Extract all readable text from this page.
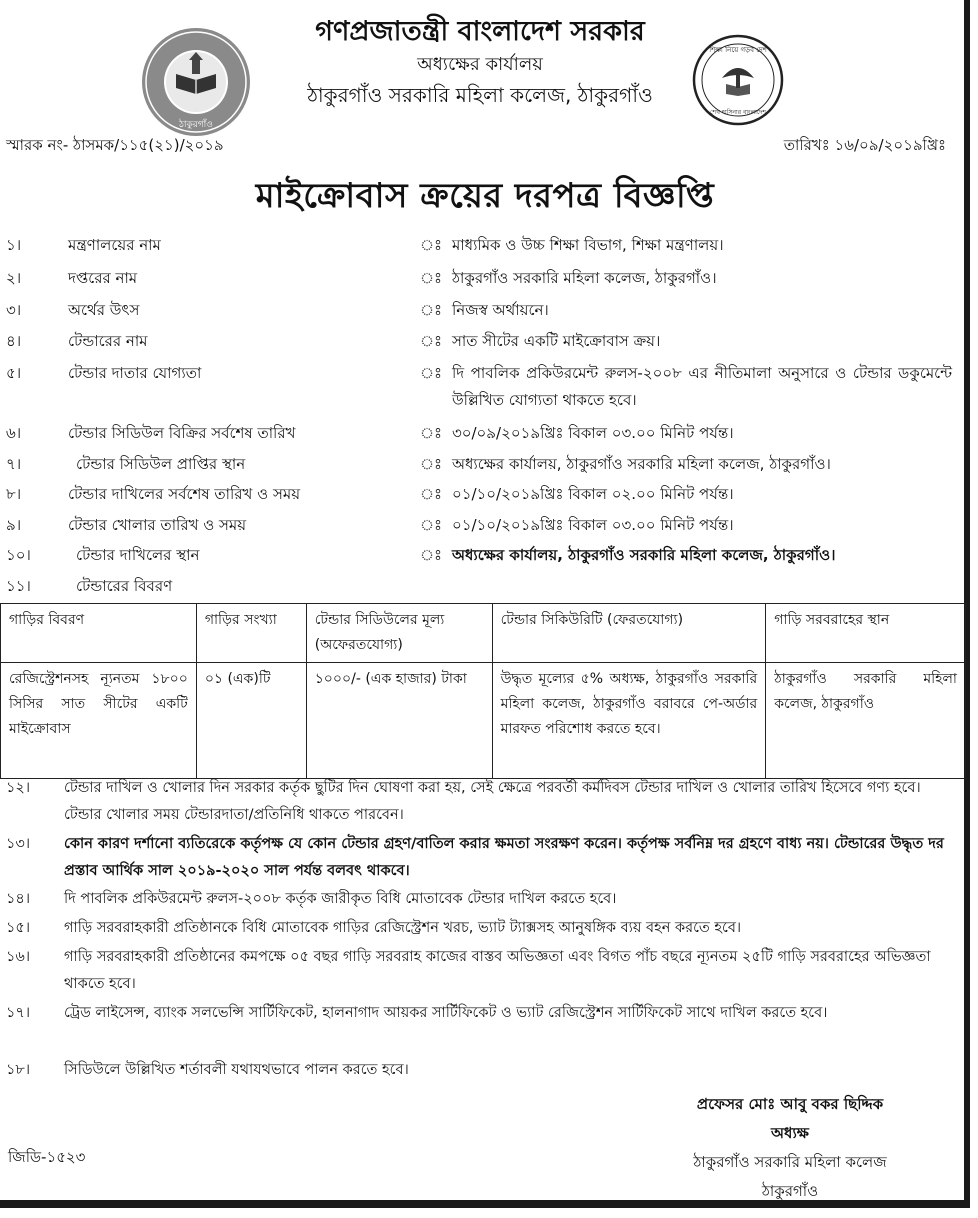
ঠাকুরগাঁও
শিক্ষা নিয়ে গড়ব দেশ
শেখ হাসিনার বাংলাদেশ
গণপ্রজাতন্ত্রী বাংলাদেশ সরকার
অধ্যক্ষের কার্যালয়
ঠাকুরগাঁও সরকারি মহিলা কলেজ, ঠাকুরগাঁও
স্মারক নং- ঠাসমক/১১৫(২১)/২০১৯	তারিখঃ ১৬/০৯/২০১৯খ্রিঃ
মাইক্রোবাস ক্রয়ের দরপত্র বিজ্ঞপ্তি
১।	মন্ত্রণালয়ের নাম	ঃ মাধ্যমিক ও উচ্চ শিক্ষা বিভাগ, শিক্ষা মন্ত্রণালয়।
২।	দপ্তরের নাম	ঃ ঠাকুরগাঁও সরকারি মহিলা কলেজ, ঠাকুরগাঁও।
৩।	অর্থের উৎস	ঃ নিজস্ব অর্থায়নে।
৪।	টেন্ডারের নাম	ঃ সাত সীটের একটি মাইক্রোবাস ক্রয়।
৫।	টেন্ডার দাতার যোগ্যতা	ঃ দি পাবলিক প্রকিউরমেন্ট রুলস-২০০৮ এর নীতিমালা অনুসারে ও টেন্ডার ডকুমেন্টে উল্লিখিত যোগ্যতা থাকতে হবে।
৬।	টেন্ডার সিডিউল বিক্রির সর্বশেষ তারিখ	ঃ ৩০/০৯/২০১৯খ্রিঃ বিকাল ০৩.০০ মিনিট পর্যন্ত।
৭।	টেন্ডার সিডিউল প্রাপ্তির স্থান	ঃ অধ্যক্ষের কার্যালয়, ঠাকুরগাঁও সরকারি মহিলা কলেজ, ঠাকুরগাঁও।
৮।	টেন্ডার দাখিলের সর্বশেষ তারিখ ও সময়	ঃ ০১/১০/২০১৯খ্রিঃ বিকাল ০২.০০ মিনিট পর্যন্ত।
৯।	টেন্ডার খোলার তারিখ ও সময়	ঃ ০১/১০/২০১৯খ্রিঃ বিকাল ০৩.০০ মিনিট পর্যন্ত।
১০।	টেন্ডার দাখিলের স্থান	ঃ অধ্যক্ষের কার্যালয়, ঠাকুরগাঁও সরকারি মহিলা কলেজ, ঠাকুরগাঁও।
১১।	টেন্ডারের বিবরণ
গাড়ির বিবরণ	গাড়ির সংখ্যা	টেন্ডার সিডিউলের মূল্য (অফেরতযোগ্য)	টেন্ডার সিকিউরিটি (ফেরতযোগ্য)	গাড়ি সরবরাহের স্থান
রেজিস্ট্রেশনসহ ন্যূনতম ১৮০০ সিসির সাত সীটের একটি মাইক্রোবাস	০১ (এক)টি	১০০০/- (এক হাজার) টাকা	উদ্ধৃত মূল্যের ৫% অধ্যক্ষ, ঠাকুরগাঁও সরকারি মহিলা কলেজ, ঠাকুরগাঁও বরাবরে পে-অর্ডার মারফত পরিশোধ করতে হবে।	ঠাকুরগাঁও সরকারি মহিলা কলেজ, ঠাকুরগাঁও
১২। টেন্ডার দাখিল ও খোলার দিন সরকার কর্তৃক ছুটির দিন ঘোষণা করা হয়, সেই ক্ষেত্রে পরবর্তী কর্মদিবস টেন্ডার দাখিল ও খোলার তারিখ হিসেবে গণ্য হবে। টেন্ডার খোলার সময় টেন্ডারদাতা/প্রতিনিধি থাকতে পারবেন।
১৩। কোন কারণ দর্শানো ব্যতিরেকে কর্তৃপক্ষ যে কোন টেন্ডার গ্রহণ/বাতিল করার ক্ষমতা সংরক্ষণ করেন। কর্তৃপক্ষ সর্বনিম্ন দর গ্রহণে বাধ্য নয়। টেন্ডারের উদ্ধৃত দর প্রস্তাব আর্থিক সাল ২০১৯-২০২০ সাল পর্যন্ত বলবৎ থাকবে।
১৪। দি পাবলিক প্রকিউরমেন্ট রুলস-২০০৮ কর্তৃক জারীকৃত বিধি মোতাবেক টেন্ডার দাখিল করতে হবে।
১৫। গাড়ি সরবরাহকারী প্রতিষ্ঠানকে বিধি মোতাবেক গাড়ির রেজিস্ট্রেশন খরচ, ভ্যাট ট্যাক্সসহ আনুষঙ্গিক ব্যয় বহন করতে হবে।
১৬। গাড়ি সরবরাহকারী প্রতিষ্ঠানের কমপক্ষে ০৫ বছর গাড়ি সরবরাহ কাজের বাস্তব অভিজ্ঞতা এবং বিগত পাঁচ বছরে ন্যূনতম ২৫টি গাড়ি সরবরাহের অভিজ্ঞতা থাকতে হবে।
১৭। ট্রেড লাইসেন্স, ব্যাংক সলভেন্সি সার্টিফিকেট, হালনাগাদ আয়কর সার্টিফিকেট ও ভ্যাট রেজিস্ট্রেশন সার্টিফিকেট সাথে দাখিল করতে হবে।
১৮। সিডিউলে উল্লিখিত শর্তাবলী যথাযথভাবে পালন করতে হবে।
প্রফেসর মোঃ আবু বকর ছিদ্দিক
অধ্যক্ষ
ঠাকুরগাঁও সরকারি মহিলা কলেজ
ঠাকুরগাঁও
জিডি-১৫২৩
